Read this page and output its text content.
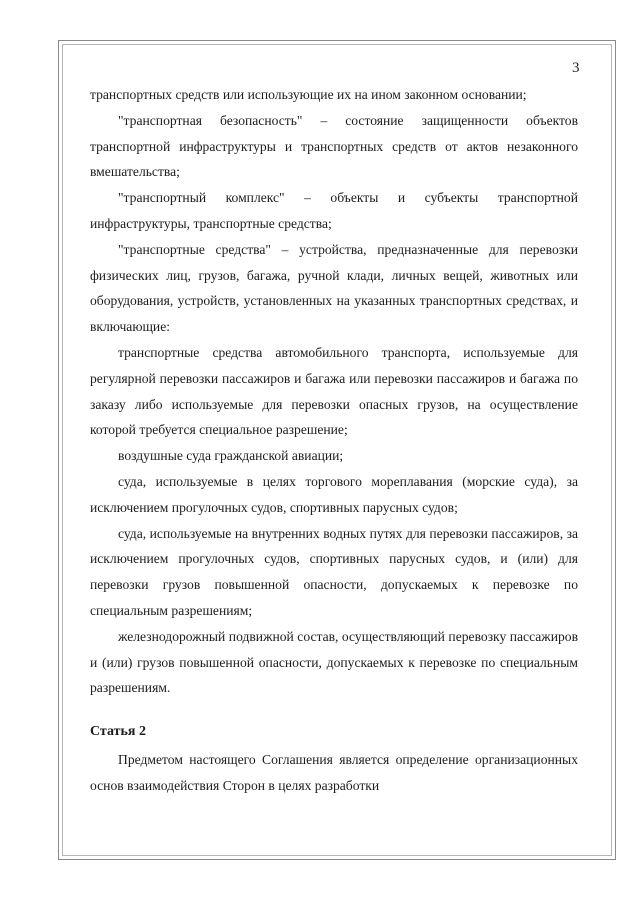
3

транспортных средств или использующие их на ином законном основании;

"транспортная безопасность" – состояние защищенности объектов транспортной инфраструктуры и транспортных средств от актов незаконного вмешательства;

"транспортный комплекс" – объекты и субъекты транспортной инфраструктуры, транспортные средства;

"транспортные средства" – устройства, предназначенные для перевозки физических лиц, грузов, багажа, ручной клади, личных вещей, животных или оборудования, устройств, установленных на указанных транспортных средствах, и включающие:

транспортные средства автомобильного транспорта, используемые для регулярной перевозки пассажиров и багажа или перевозки пассажиров и багажа по заказу либо используемые для перевозки опасных грузов, на осуществление которой требуется специальное разрешение;

воздушные суда гражданской авиации;

суда, используемые в целях торгового мореплавания (морские суда), за исключением прогулочных судов, спортивных парусных судов;

суда, используемые на внутренних водных путях для перевозки пассажиров, за исключением прогулочных судов, спортивных парусных судов, и (или) для перевозки грузов повышенной опасности, допускаемых к перевозке по специальным разрешениям;

железнодорожный подвижной состав, осуществляющий перевозку пассажиров и (или) грузов повышенной опасности, допускаемых к перевозке по специальным разрешениям.

Статья 2

Предметом настоящего Соглашения является определение организационных основ взаимодействия Сторон в целях разработки
